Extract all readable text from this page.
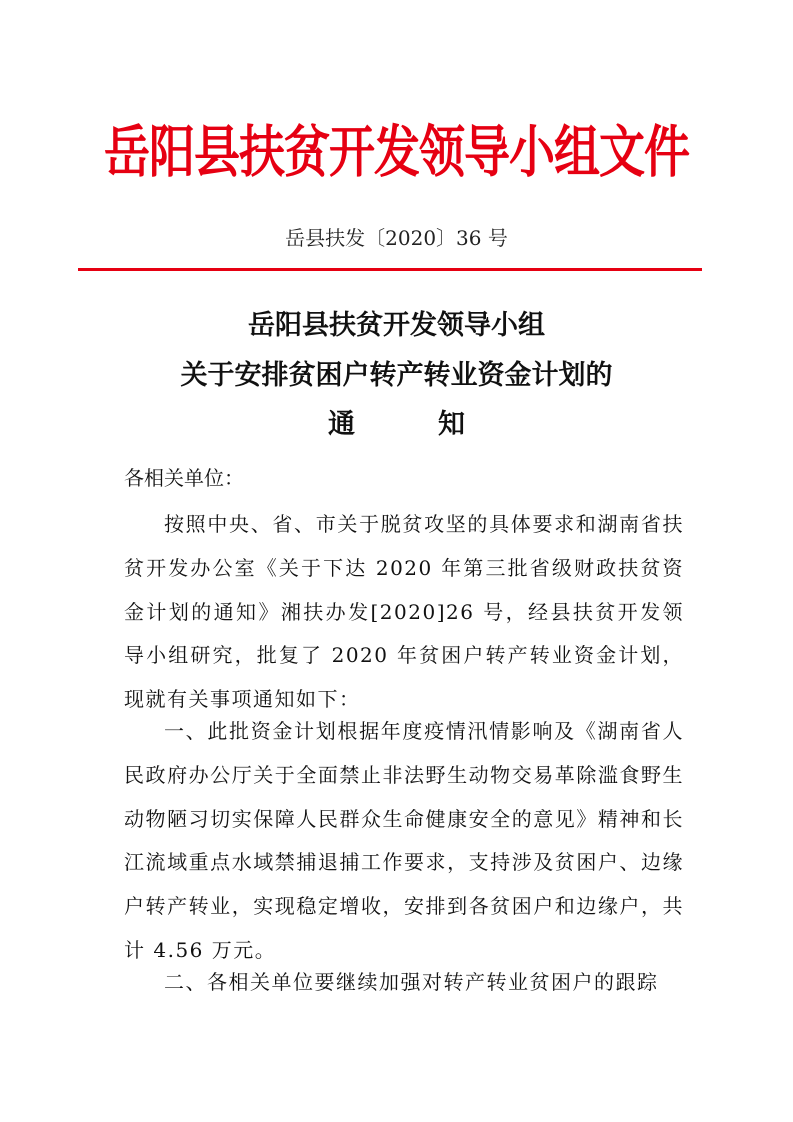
岳阳县扶贫开发领导小组文件
岳县扶发〔2020〕36 号
岳阳县扶贫开发领导小组
关于安排贫困户转产转业资金计划的
通	知
各相关单位：
按照中央、省、市关于脱贫攻坚的具体要求和湖南省扶贫开发办公室《关于下达 2020 年第三批省级财政扶贫资金计划的通知》湘扶办发[2020]26 号，经县扶贫开发领导小组研究，批复了 2020 年贫困户转产转业资金计划，现就有关事项通知如下：
一、此批资金计划根据年度疫情汛情影响及《湖南省人民政府办公厅关于全面禁止非法野生动物交易革除滥食野生动物陋习切实保障人民群众生命健康安全的意见》精神和长江流域重点水域禁捕退捕工作要求，支持涉及贫困户、边缘户转产转业，实现稳定增收，安排到各贫困户和边缘户，共计 4.56 万元。
二、各相关单位要继续加强对转产转业贫困户的跟踪
